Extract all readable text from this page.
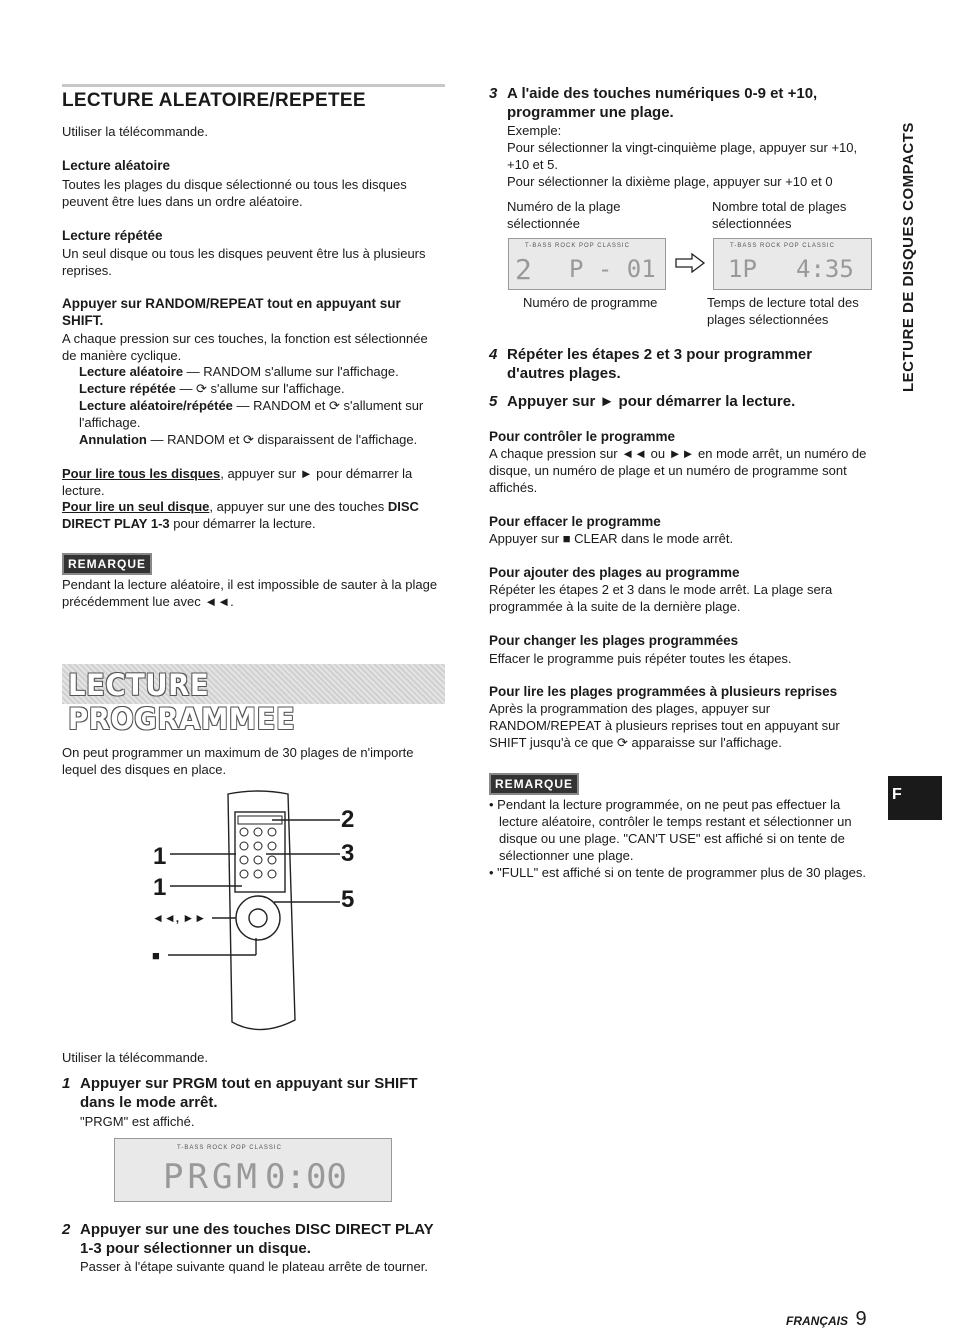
LECTURE ALEATOIRE/REPETEE
Utiliser la télécommande.
Lecture aléatoire
Toutes les plages du disque sélectionné ou tous les disques peuvent être lues dans un ordre aléatoire.
Lecture répétée
Un seul disque ou tous les disques peuvent être lus à plusieurs reprises.
Appuyer sur RANDOM/REPEAT tout en appuyant sur SHIFT.
A chaque pression sur ces touches, la fonction est sélectionnée de manière cyclique.
Lecture aléatoire — RANDOM s'allume sur l'affichage.
Lecture répétée — ⟳ s'allume sur l'affichage.
Lecture aléatoire/répétée — RANDOM et ⟳ s'allument sur l'affichage.
Annulation — RANDOM et ⟳ disparaissent de l'affichage.
Pour lire tous les disques, appuyer sur ► pour démarrer la lecture.
Pour lire un seul disque, appuyer sur une des touches DISC DIRECT PLAY 1-3 pour démarrer la lecture.
REMARQUE
Pendant la lecture aléatoire, il est impossible de sauter à la plage précédemment lue avec ◄◄.
LECTURE PROGRAMMEE
On peut programmer un maximum de 30 plages de n'importe lequel des disques en place.
1
1
◄◄, ►►
■
2
3
5
Utiliser la télécommande.
1 Appuyer sur PRGM tout en appuyant sur SHIFT dans le mode arrêt.
"PRGM" est affiché.
T-BASS ROCK POP CLASSIC
PRGM 0:00
2 Appuyer sur une des touches DISC DIRECT PLAY 1-3 pour sélectionner un disque.
Passer à l'étape suivante quand le plateau arrête de tourner.
3 A l'aide des touches numériques 0-9 et +10, programmer une plage.
Exemple:
Pour sélectionner la vingt-cinquième plage, appuyer sur +10, +10 et 5.
Pour sélectionner la dixième plage, appuyer sur +10 et 0
Numéro de la plage sélectionnée
Nombre total de plages sélectionnées
T-BASS ROCK POP CLASSIC
2 P - 01
T-BASS ROCK POP CLASSIC
1P 4:35
Numéro de programme	Temps de lecture total des plages sélectionnées
4 Répéter les étapes 2 et 3 pour programmer d'autres plages.
5 Appuyer sur ► pour démarrer la lecture.
Pour contrôler le programme
A chaque pression sur ◄◄ ou ►► en mode arrêt, un numéro de disque, un numéro de plage et un numéro de programme sont affichés.
Pour effacer le programme
Appuyer sur ■ CLEAR dans le mode arrêt.
Pour ajouter des plages au programme
Répéter les étapes 2 et 3 dans le mode arrêt. La plage sera programmée à la suite de la dernière plage.
Pour changer les plages programmées
Effacer le programme puis répéter toutes les étapes.
Pour lire les plages programmées à plusieurs reprises
Après la programmation des plages, appuyer sur RANDOM/REPEAT à plusieurs reprises tout en appuyant sur SHIFT jusqu'à ce que ⟳ apparaisse sur l'affichage.
REMARQUE
• Pendant la lecture programmée, on ne peut pas effectuer la lecture aléatoire, contrôler le temps restant et sélectionner un disque ou une plage. "CAN'T USE" est affiché si on tente de sélectionner une plage.
• "FULL" est affiché si on tente de programmer plus de 30 plages.
LECTURE DE DISQUES COMPACTS
F
FRANÇAIS 9
